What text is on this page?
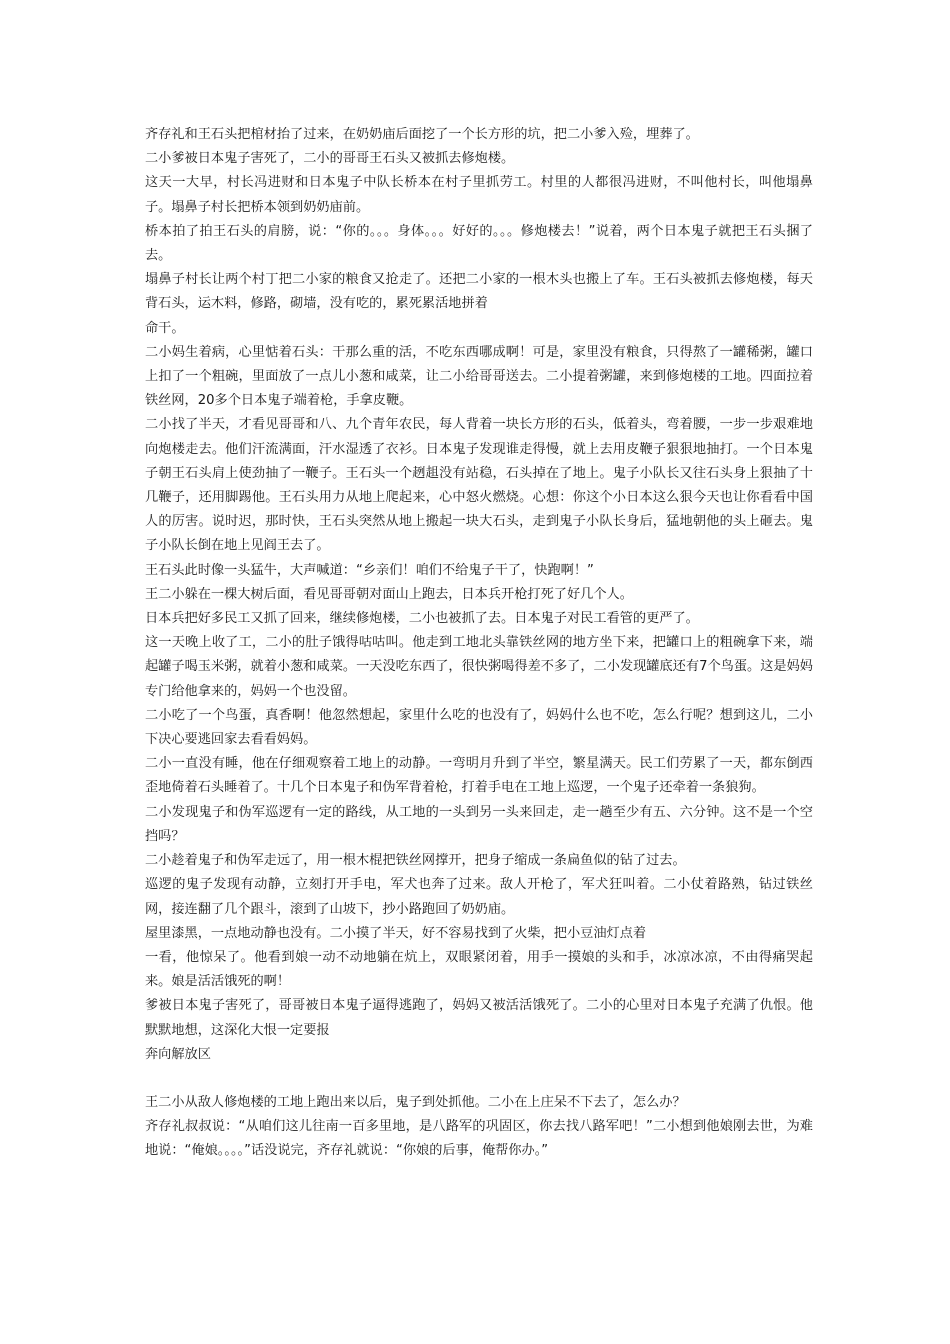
齐存礼和王石头把棺材抬了过来，在奶奶庙后面挖了一个长方形的坑，把二小爹入殓，埋葬了。

二小爹被日本鬼子害死了，二小的哥哥王石头又被抓去修炮楼。

这天一大早，村长冯进财和日本鬼子中队长桥本在村子里抓劳工。村里的人都很冯进财，不叫他村长，叫他塌鼻子。塌鼻子村长把桥本领到奶奶庙前。

桥本拍了拍王石头的肩膀，说：“你的。。。身体。。。好好的。。。修炮楼去！”说着，两个日本鬼子就把王石头捆了去。

塌鼻子村长让两个村丁把二小家的粮食又抢走了。还把二小家的一根木头也搬上了车。王石头被抓去修炮楼，每天背石头，运木料，修路，砌墙，没有吃的，累死累活地拼着

命干。

二小妈生着病，心里惦着石头：干那么重的活，不吃东西哪成啊！可是，家里没有粮食，只得熬了一罐稀粥，罐口上扣了一个粗碗，里面放了一点儿小葱和咸菜，让二小给哥哥送去。二小提着粥罐，来到修炮楼的工地。四面拉着铁丝网，20多个日本鬼子端着枪，手拿皮鞭。

二小找了半天，才看见哥哥和八、九个青年农民，每人背着一块长方形的石头，低着头，弯着腰，一步一步艰难地向炮楼走去。他们汗流满面，汗水湿透了衣衫。日本鬼子发现谁走得慢，就上去用皮鞭子狠狠地抽打。一个日本鬼子朝王石头肩上使劲抽了一鞭子。王石头一个趔趄没有站稳，石头掉在了地上。鬼子小队长又往石头身上狠抽了十几鞭子，还用脚踢他。王石头用力从地上爬起来，心中怒火燃烧。心想：你这个小日本这么狠今天也让你看看中国人的厉害。说时迟，那时快，王石头突然从地上搬起一块大石头，走到鬼子小队长身后，猛地朝他的头上砸去。鬼子小队长倒在地上见阎王去了。

王石头此时像一头猛牛，大声喊道：“乡亲们！咱们不给鬼子干了，快跑啊！”

王二小躲在一棵大树后面，看见哥哥朝对面山上跑去，日本兵开枪打死了好几个人。

日本兵把好多民工又抓了回来，继续修炮楼，二小也被抓了去。日本鬼子对民工看管的更严了。

这一天晚上收了工，二小的肚子饿得咕咕叫。他走到工地北头靠铁丝网的地方坐下来，把罐口上的粗碗拿下来，端起罐子喝玉米粥，就着小葱和咸菜。一天没吃东西了，很快粥喝得差不多了，二小发现罐底还有7个鸟蛋。这是妈妈专门给他拿来的，妈妈一个也没留。

二小吃了一个鸟蛋，真香啊！他忽然想起，家里什么吃的也没有了，妈妈什么也不吃，怎么行呢？想到这儿，二小下决心要逃回家去看看妈妈。

二小一直没有睡，他在仔细观察着工地上的动静。一弯明月升到了半空，繁星满天。民工们劳累了一天，都东倒西歪地倚着石头睡着了。十几个日本鬼子和伪军背着枪，打着手电在工地上巡逻，一个鬼子还牵着一条狼狗。

二小发现鬼子和伪军巡逻有一定的路线，从工地的一头到另一头来回走，走一趟至少有五、六分钟。这不是一个空挡吗？

二小趁着鬼子和伪军走远了，用一根木棍把铁丝网撑开，把身子缩成一条扁鱼似的钻了过去。

巡逻的鬼子发现有动静，立刻打开手电，军犬也奔了过来。敌人开枪了，军犬狂叫着。二小仗着路熟，钻过铁丝网，接连翻了几个跟斗，滚到了山坡下，抄小路跑回了奶奶庙。

屋里漆黑，一点地动静也没有。二小摸了半天，好不容易找到了火柴，把小豆油灯点着

一看，他惊呆了。他看到娘一动不动地躺在炕上，双眼紧闭着，用手一摸娘的头和手，冰凉冰凉，不由得痛哭起来。娘是活活饿死的啊！

爹被日本鬼子害死了，哥哥被日本鬼子逼得逃跑了，妈妈又被活活饿死了。二小的心里对日本鬼子充满了仇恨。他默默地想，这深化大恨一定要报

奔向解放区

王二小从敌人修炮楼的工地上跑出来以后，鬼子到处抓他。二小在上庄呆不下去了，怎么办？

齐存礼叔叔说：“从咱们这儿往南一百多里地，是八路军的巩固区，你去找八路军吧！”二小想到他娘刚去世，为难地说：“俺娘。。。。”话没说完，齐存礼就说：“你娘的后事，俺帮你办。”
